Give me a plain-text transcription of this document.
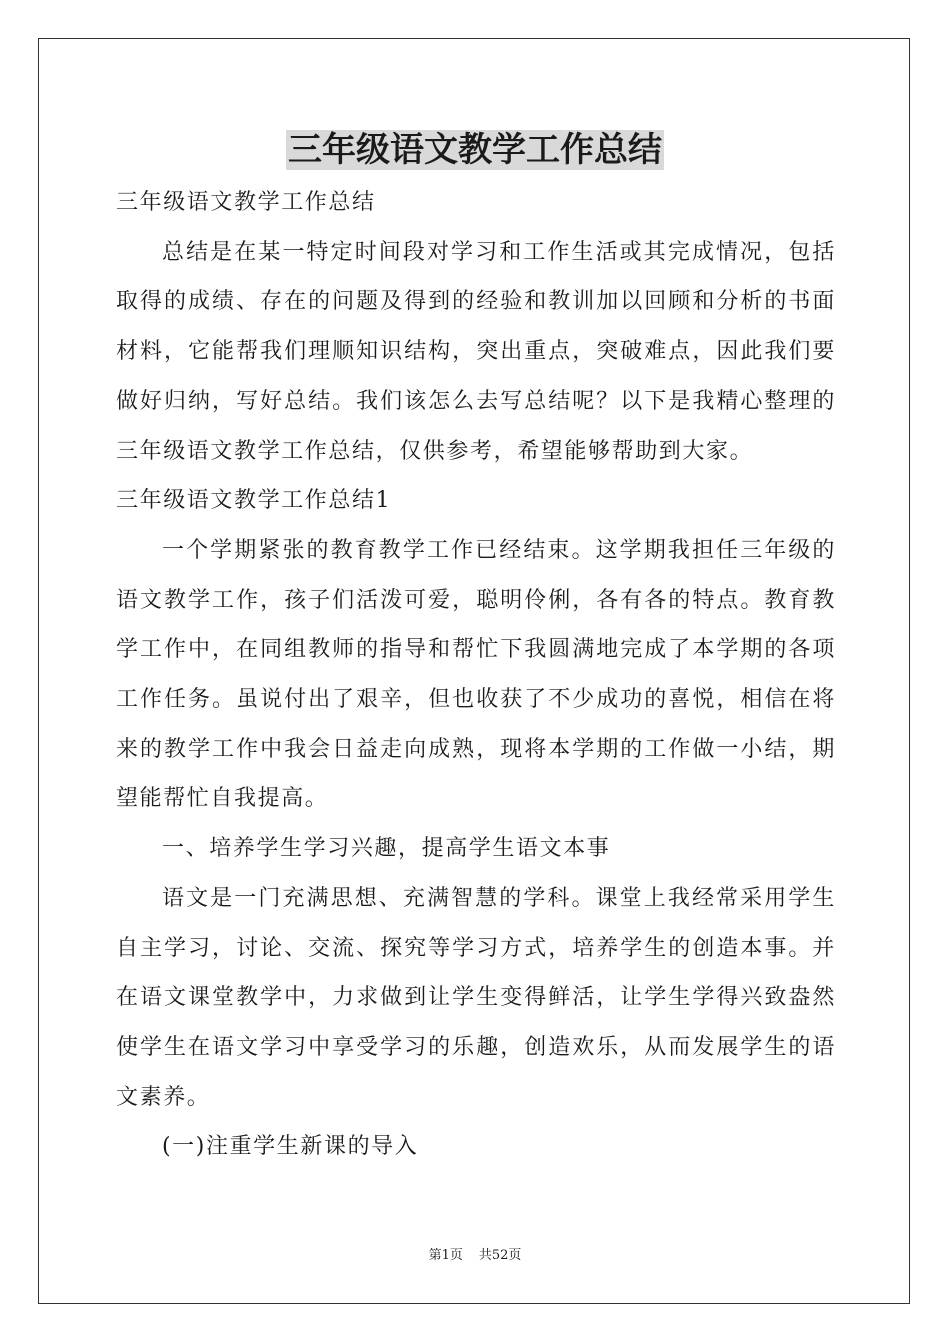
三年级语文教学工作总结

三年级语文教学工作总结

总结是在某一特定时间段对学习和工作生活或其完成情况，包括取得的成绩、存在的问题及得到的经验和教训加以回顾和分析的书面材料，它能帮我们理顺知识结构，突出重点，突破难点，因此我们要做好归纳，写好总结。我们该怎么去写总结呢？以下是我精心整理的三年级语文教学工作总结，仅供参考，希望能够帮助到大家。

三年级语文教学工作总结1

一个学期紧张的教育教学工作已经结束。这学期我担任三年级的语文教学工作，孩子们活泼可爱，聪明伶俐，各有各的特点。教育教学工作中，在同组教师的指导和帮忙下我圆满地完成了本学期的各项工作任务。虽说付出了艰辛，但也收获了不少成功的喜悦，相信在将来的教学工作中我会日益走向成熟，现将本学期的工作做一小结，期望能帮忙自我提高。

一、培养学生学习兴趣，提高学生语文本事

语文是一门充满思想、充满智慧的学科。课堂上我经常采用学生自主学习，讨论、交流、探究等学习方式，培养学生的创造本事。并在语文课堂教学中，力求做到让学生变得鲜活，让学生学得兴致盎然使学生在语文学习中享受学习的乐趣，创造欢乐，从而发展学生的语文素养。

(一)注重学生新课的导入

第1页 共52页
